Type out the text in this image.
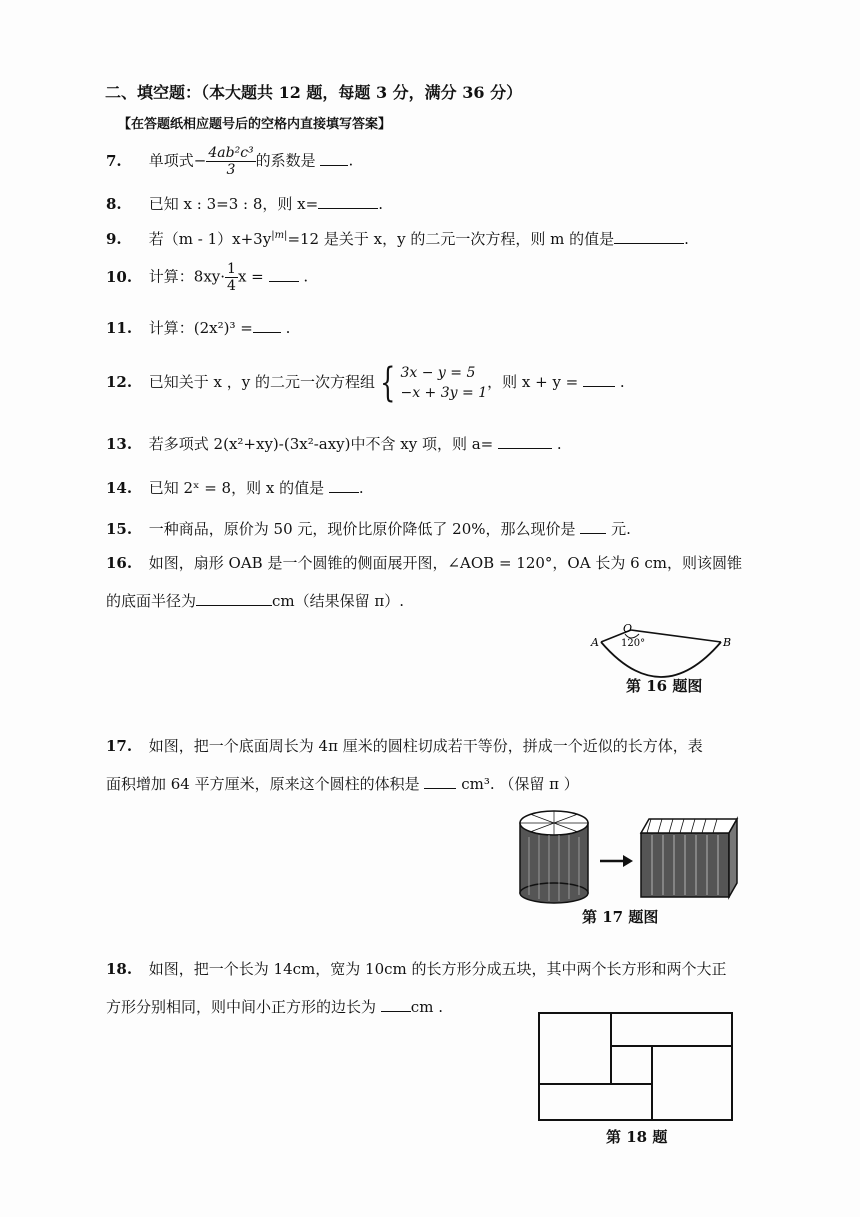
二、填空题：（本大题共 12 题，每题 3 分，满分 36 分）
【在答题纸相应题号后的空格内直接填写答案】
7. 单项式− $\frac{\text{4ab²c³}}{3}$ 的系数是 .
8. 已知 x : 3=3 : 8，则 x=	.
9. 若$(m - 1)x+3y^{|m|}=12$ 是关于 x，y 的二元一次方程，则 m 的值是	.
10. 计算：$8xy\cdot \frac{1}{4}$ x =	.
11. 计算：(2x²)³ = .
12. 已知关于 x ，y 的二元一次方程组 { 3x − y = 5
−x + 3y = 1
，则 x + y =	.
13. 若多项式 2(x²+xy)-(3x²-axy)中不含 xy 项，则 a=	.
14. 已知 2ˣ = 8，则 x 的值是 .
15. 一种商品，原价为 50 元，现价比原价降低了 20%，那么现价是 元.
16. 如图，扇形 OAB 是一个圆锥的侧面展开图，∠AOB = 120°，OA 长为 6 cm，则该圆锥
的底面半径为	cm（结果保留 π）.
O
A	B
120°
第 16 题图
17. 如图，把一个底面周长为 4π 厘米的圆柱切成若干等份，拼成一个近似的长方体，表
面积增加 64 平方厘米，原来这个圆柱的体积是	cm³. （保留 π ）
第 17 题图
18. 如图，把一个长为 14cm，宽为 10cm 的长方形分成五块，其中两个长方形和两个大正
方形分别相同，则中间小正方形的边长为 cm .
第 18 题
